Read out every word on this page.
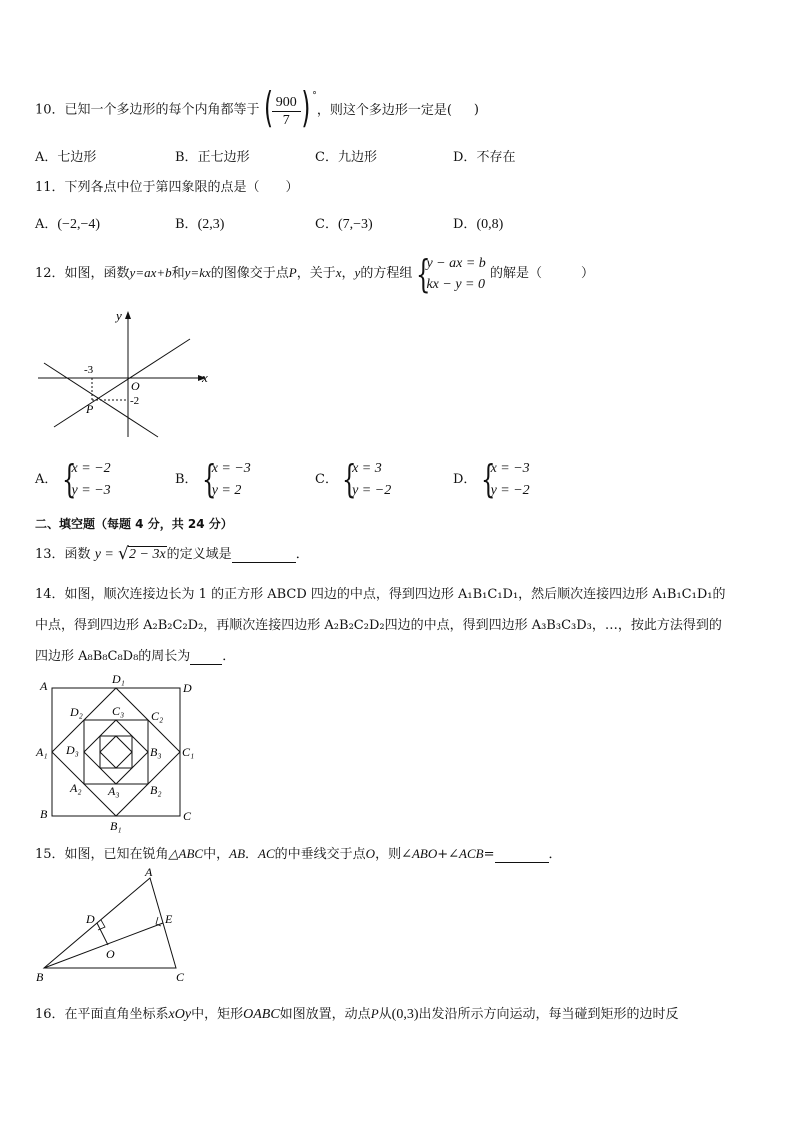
10．已知一个多边形的每个内角都等于 (
$\frac{900}{7}$ ) °
，则这个多边形一定是( )
A．七边形	B．正七边形	C．九边形	D．不存在
11．下列各点中位于第四象限的点是（　　）
A．(−2,−4)	B．(2,3)	C．(7,−3)	D．(0,8)
12．如图，函数y=ax+b和y=kx的图像交于点P，关于x，y的方程组 {
y − ax = b
kx − y = 0
的解是（　　　）
y
x
O
-3
-2
P
A． {
x = −2
y = −3
B． {
x = −3
y = 2
C． {
x = 3
y = −2
D． {
x = −3
y = −2
二、填空题（每题 4 分，共 24 分）
13．函数 y = √ 2 − 3x的定义域是	．
14．如图，顺次连接边长为 1 的正方形 ABCD 四边的中点，得到四边形 A₁B₁C₁D₁，然后顺次连接四边形 A₁B₁C₁D₁的
中点，得到四边形 A₂B₂C₂D₂，再顺次连接四边形 A₂B₂C₂D₂四边的中点，得到四边形 A₃B₃C₃D₃，…，按此方法得到的
四边形 A₈B₈C₈D₈的周长为 ．
A	D
B	C
D₁
A₁	C₁
B₁
D₂	C₂
A₂	B₂
C₃
D₃	B₃
A₃
15．如图，已知在锐角△ABC中，AB．AC的中垂线交于点O，则∠ABO+∠ACB=	．
A
B	C
D	E
O
16．在平面直角坐标系xOy中，矩形OABC如图放置，动点P从(0,3)出发沿所示方向运动，每当碰到矩形的边时反
